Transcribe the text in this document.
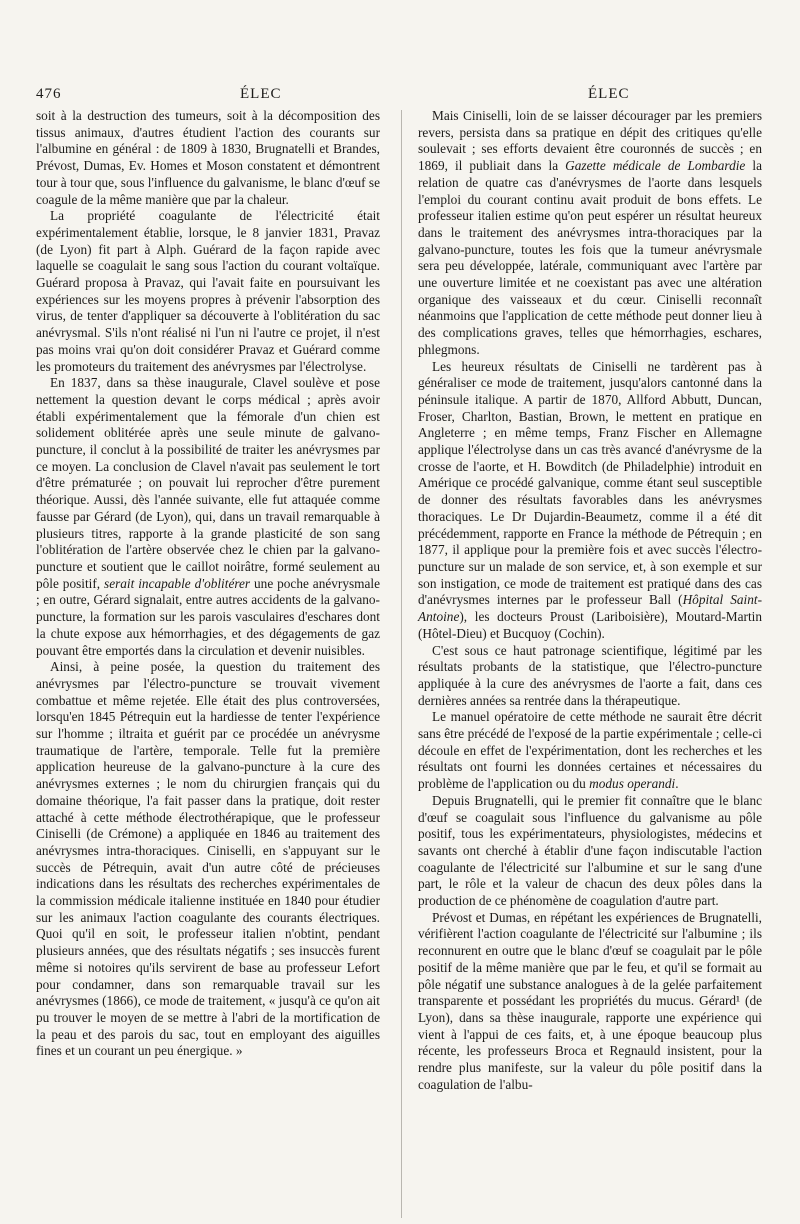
476	ÉLEC	ÉLEC

soit à la destruction des tumeurs, soit à la décomposition des tissus animaux, d'autres étudient l'action des courants sur l'albumine en général : de 1809 à 1830, Brugnatelli et Brandes, Prévost, Dumas, Ev. Homes et Moson constatent et démontrent tour à tour que, sous l'influence du galvanisme, le blanc d'œuf se coagule de la même manière que par la chaleur.

La propriété coagulante de l'électricité était expérimentalement établie, lorsque, le 8 janvier 1831, Pravaz (de Lyon) fit part à Alph. Guérard de la façon rapide avec laquelle se coagulait le sang sous l'action du courant voltaïque. Guérard proposa à Pravaz, qui l'avait faite en poursuivant les expériences sur les moyens propres à prévenir l'absorption des virus, de tenter d'appliquer sa découverte à l'oblitération du sac anévrysmal. S'ils n'ont réalisé ni l'un ni l'autre ce projet, il n'est pas moins vrai qu'on doit considérer Pravaz et Guérard comme les promoteurs du traitement des anévrysmes par l'électrolyse.

En 1837, dans sa thèse inaugurale, Clavel soulève et pose nettement la question devant le corps médical ; après avoir établi expérimentalement que la fémorale d'un chien est solidement oblitérée après une seule minute de galvano-puncture, il conclut à la possibilité de traiter les anévrysmes par ce moyen. La conclusion de Clavel n'avait pas seulement le tort d'être prématurée ; on pouvait lui reprocher d'être purement théorique. Aussi, dès l'année suivante, elle fut attaquée comme fausse par Gérard (de Lyon), qui, dans un travail remarquable à plusieurs titres, rapporte à la grande plasticité de son sang l'oblitération de l'artère observée chez le chien par la galvano-puncture et soutient que le caillot noirâtre, formé seulement au pôle positif, serait incapable d'oblitérer une poche anévrysmale ; en outre, Gérard signalait, entre autres accidents de la galvano-puncture, la formation sur les parois vasculaires d'eschares dont la chute expose aux hémorrhagies, et des dégagements de gaz pouvant être emportés dans la circulation et devenir nuisibles.

Ainsi, à peine posée, la question du traitement des anévrysmes par l'électro-puncture se trouvait vivement combattue et même rejetée. Elle était des plus controversées, lorsqu'en 1845 Pétrequin eut la hardiesse de tenter l'expérience sur l'homme ; iltraita et guérit par ce procédée un anévrysme traumatique de l'artère, temporale. Telle fut la première application heureuse de la galvano-puncture à la cure des anévrysmes externes ; le nom du chirurgien français qui du domaine théorique, l'a fait passer dans la pratique, doit rester attaché à cette méthode électrothérapique, que le professeur Ciniselli (de Crémone) a appliquée en 1846 au traitement des anévrysmes intra-thoraciques. Ciniselli, en s'appuyant sur le succès de Pétrequin, avait d'un autre côté de précieuses indications dans les résultats des recherches expérimentales de la commission médicale italienne instituée en 1840 pour étudier sur les animaux l'action coagulante des courants électriques. Quoi qu'il en soit, le professeur italien n'obtint, pendant plusieurs années, que des résultats négatifs ; ses insuccès furent même si notoires qu'ils servirent de base au professeur Lefort pour condamner, dans son remarquable travail sur les anévrysmes (1866), ce mode de traitement, « jusqu'à ce qu'on ait pu trouver le moyen de se mettre à l'abri de la mortification de la peau et des parois du sac, tout en employant des aiguilles fines et un courant un peu énergique. »

Mais Ciniselli, loin de se laisser décourager par les premiers revers, persista dans sa pratique en dépit des critiques qu'elle soulevait ; ses efforts devaient être couronnés de succès ; en 1869, il publiait dans la Gazette médicale de Lombardie la relation de quatre cas d'anévrysmes de l'aorte dans lesquels l'emploi du courant continu avait produit de bons effets. Le professeur italien estime qu'on peut espérer un résultat heureux dans le traitement des anévrysmes intra-thoraciques par la galvano-puncture, toutes les fois que la tumeur anévrysmale sera peu développée, latérale, communiquant avec l'artère par une ouverture limitée et ne coexistant pas avec une altération organique des vaisseaux et du cœur. Ciniselli reconnaît néanmoins que l'application de cette méthode peut donner lieu à des complications graves, telles que hémorrhagies, eschares, phlegmons.

Les heureux résultats de Ciniselli ne tardèrent pas à généraliser ce mode de traitement, jusqu'alors cantonné dans la péninsule italique. A partir de 1870, Allford Abbutt, Duncan, Froser, Charlton, Bastian, Brown, le mettent en pratique en Angleterre ; en même temps, Franz Fischer en Allemagne applique l'électrolyse dans un cas très avancé d'anévrysme de la crosse de l'aorte, et H. Bowditch (de Philadelphie) introduit en Amérique ce procédé galvanique, comme étant seul susceptible de donner des résultats favorables dans les anévrysmes thoraciques. Le Dr Dujardin-Beaumetz, comme il a été dit précédemment, rapporte en France la méthode de Pétrequin ; en 1877, il applique pour la première fois et avec succès l'électro-puncture sur un malade de son service, et, à son exemple et sur son instigation, ce mode de traitement est pratiqué dans des cas d'anévrysmes internes par le professeur Ball (Hôpital Saint-Antoine), les docteurs Proust (Lariboisière), Moutard-Martin (Hôtel-Dieu) et Bucquoy (Cochin).

C'est sous ce haut patronage scientifique, légitimé par les résultats probants de la statistique, que l'électro-puncture appliquée à la cure des anévrysmes de l'aorte a fait, dans ces dernières années sa rentrée dans la thérapeutique.

Le manuel opératoire de cette méthode ne saurait être décrit sans être précédé de l'exposé de la partie expérimentale ; celle-ci découle en effet de l'expérimentation, dont les recherches et les résultats ont fourni les données certaines et nécessaires du problème de l'application ou du modus operandi.

Depuis Brugnatelli, qui le premier fit connaître que le blanc d'œuf se coagulait sous l'influence du galvanisme au pôle positif, tous les expérimentateurs, physiologistes, médecins et savants ont cherché à établir d'une façon indiscutable l'action coagulante de l'électricité sur l'albumine et sur le sang d'une part, le rôle et la valeur de chacun des deux pôles dans la production de ce phénomène de coagulation d'autre part.

Prévost et Dumas, en répétant les expériences de Brugnatelli, vérifièrent l'action coagulante de l'électricité sur l'albumine ; ils reconnurent en outre que le blanc d'œuf se coagulait par le pôle positif de la même manière que par le feu, et qu'il se formait au pôle négatif une substance analogues à de la gelée parfaitement transparente et possédant les propriétés du mucus. Gérard¹ (de Lyon), dans sa thèse inaugurale, rapporte une expérience qui vient à l'appui de ces faits, et, à une époque beaucoup plus récente, les professeurs Broca et Regnauld insistent, pour la rendre plus manifeste, sur la valeur du pôle positif dans la coagulation de l'albu-
